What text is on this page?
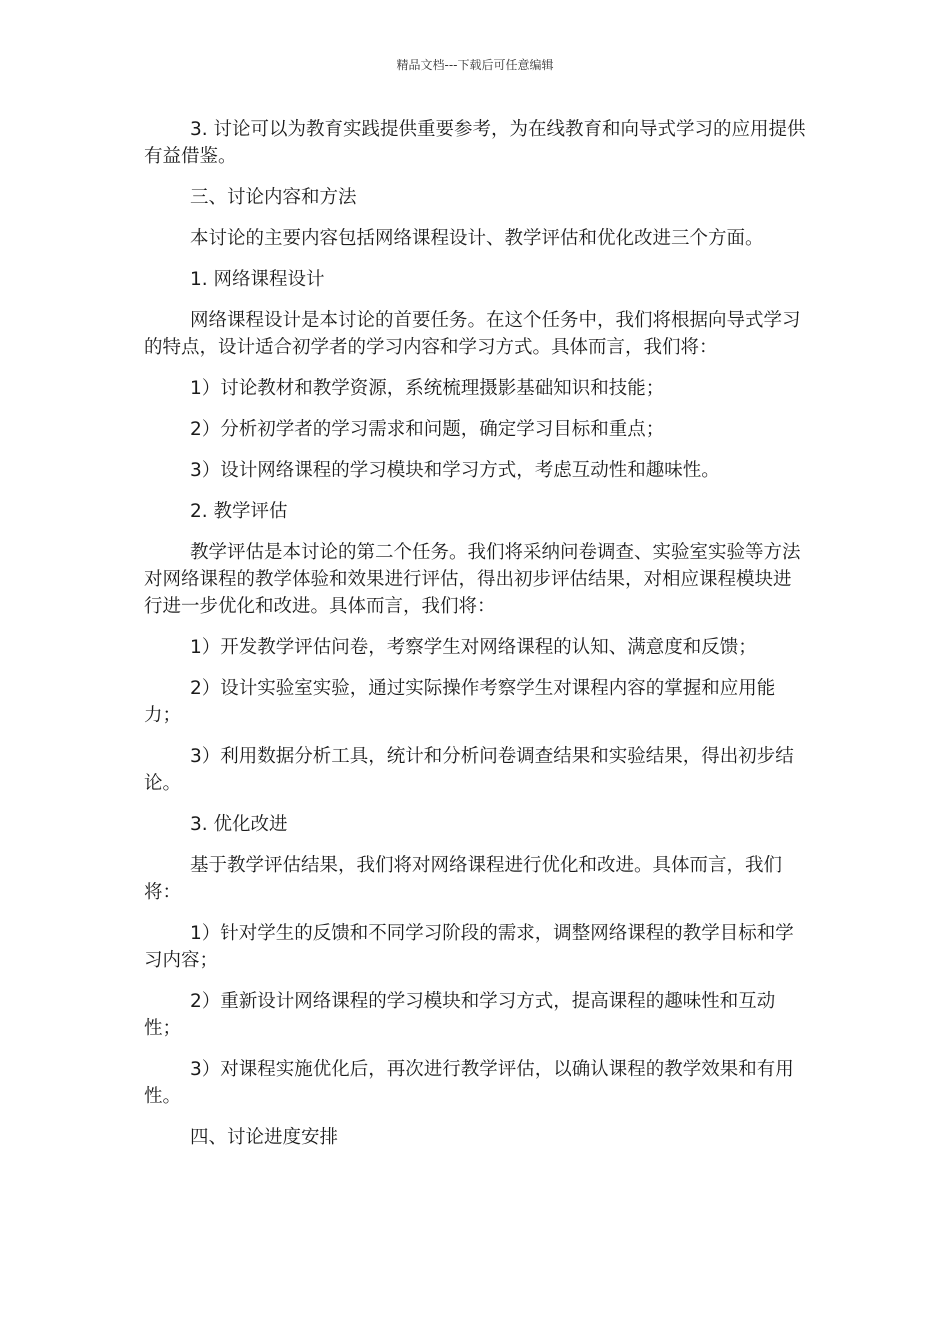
精品文档---下载后可任意编辑

3. 讨论可以为教育实践提供重要参考，为在线教育和向导式学习的应用提供有益借鉴。

三、讨论内容和方法

本讨论的主要内容包括网络课程设计、教学评估和优化改进三个方面。

1. 网络课程设计

网络课程设计是本讨论的首要任务。在这个任务中，我们将根据向导式学习的特点，设计适合初学者的学习内容和学习方式。具体而言，我们将：

1）讨论教材和教学资源，系统梳理摄影基础知识和技能；

2）分析初学者的学习需求和问题，确定学习目标和重点；

3）设计网络课程的学习模块和学习方式，考虑互动性和趣味性。

2. 教学评估

教学评估是本讨论的第二个任务。我们将采纳问卷调查、实验室实验等方法对网络课程的教学体验和效果进行评估，得出初步评估结果，对相应课程模块进行进一步优化和改进。具体而言，我们将：

1）开发教学评估问卷，考察学生对网络课程的认知、满意度和反馈；

2）设计实验室实验，通过实际操作考察学生对课程内容的掌握和应用能力；

3）利用数据分析工具，统计和分析问卷调查结果和实验结果，得出初步结论。

3. 优化改进

基于教学评估结果，我们将对网络课程进行优化和改进。具体而言，我们将：

1）针对学生的反馈和不同学习阶段的需求，调整网络课程的教学目标和学习内容；

2）重新设计网络课程的学习模块和学习方式，提高课程的趣味性和互动性；

3）对课程实施优化后，再次进行教学评估，以确认课程的教学效果和有用性。

四、讨论进度安排
